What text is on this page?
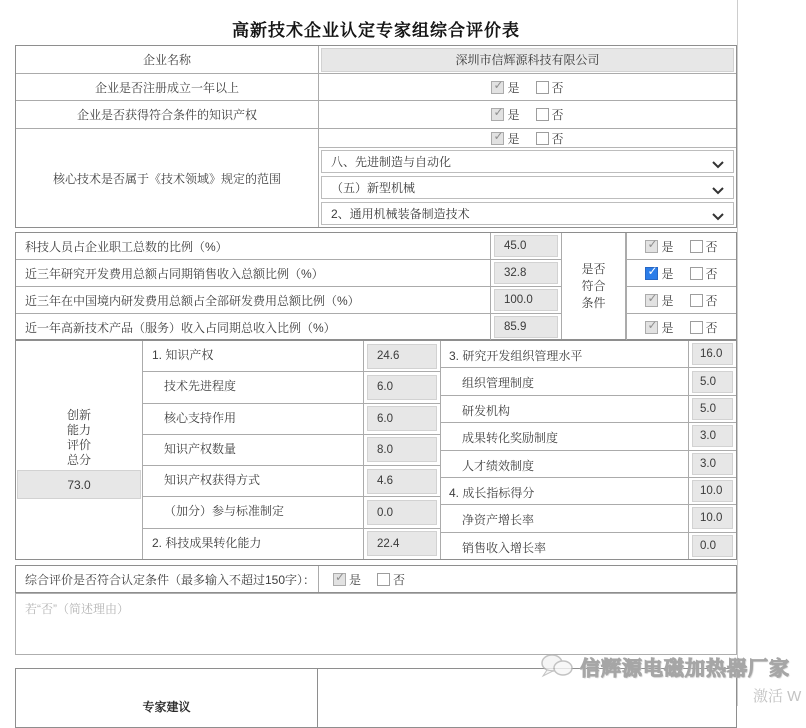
高新技术企业认定专家组综合评价表
企业名称	深圳市信辉源科技有限公司
企业是否注册成立一年以上	✓ 是	否
企业是否获得符合条件的知识产权	✓ 是	否
核心技术是否属于《技术领域》规定的范围
✓ 是	否
八、先进制造与自动化
（五）新型机械
2、通用机械装备制造技术
科技人员占企业职工总数的比例（%）	45.0	✓ 是	否
近三年研究开发费用总额占同期销售收入总额比例（%）	32.8	✓ 是	否
近三年在中国境内研发费用总额占全部研发费用总额比例（%）	100.0	✓ 是	否
近一年高新技术产品（服务）收入占同期总收入比例（%）	85.9	✓ 是	否
是否
符合
条件
创新
能力
评价
总分
73.0
1. 知识产权	24.6
技术先进程度	6.0
核心支持作用	6.0
知识产权数量	8.0
知识产权获得方式	4.6
（加分）参与标准制定	0.0
2. 科技成果转化能力	22.4
3. 研究开发组织管理水平	16.0
组织管理制度	5.0
研发机构	5.0
成果转化奖励制度	3.0
人才绩效制度	3.0
4. 成长指标得分	10.0
净资产增长率	10.0
销售收入增长率	0.0
综合评价是否符合认定条件（最多输入不超过150字）：	✓ 是	否
若“否”（简述理由）
专家建议
信辉源电磁加热器厂家
激活 W
